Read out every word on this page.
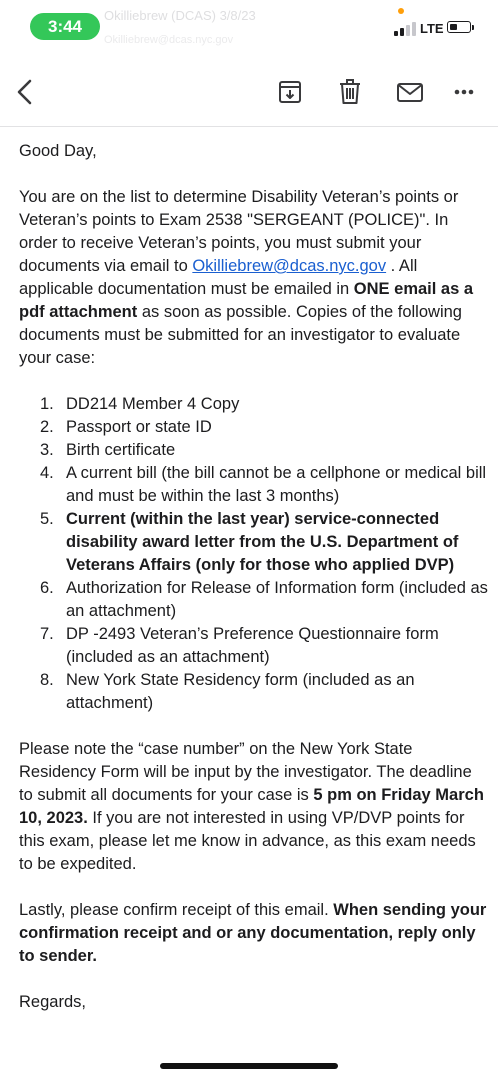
Okilliebrew (DCAS) 3/8/23
Okilliebrew@dcas.nyc.gov
3:44	LTE

Good Day,

You are on the list to determine Disability Veteran’s points or Veteran’s points to Exam 2538 "SERGEANT (POLICE)". In order to receive Veteran’s points, you must submit your documents via email to Okilliebrew@dcas.nyc.gov . All applicable documentation must be emailed in ONE email as a pdf attachment as soon as possible. Copies of the following documents must be submitted for an investigator to evaluate your case:

1. DD214 Member 4 Copy
2. Passport or state ID
3. Birth certificate
4. A current bill (the bill cannot be a cellphone or medical bill and must be within the last 3 months)
5. Current (within the last year) service-connected disability award letter from the U.S. Department of Veterans Affairs (only for those who applied DVP)
6. Authorization for Release of Information form (included as an attachment)
7. DP -2493 Veteran’s Preference Questionnaire form (included as an attachment)
8. New York State Residency form (included as an attachment)

Please note the “case number” on the New York State Residency Form will be input by the investigator. The deadline to submit all documents for your case is 5 pm on Friday March 10, 2023. If you are not interested in using VP/DVP points for this exam, please let me know in advance, as this exam needs to be expedited.

Lastly, please confirm receipt of this email. When sending your confirmation receipt and or any documentation, reply only to sender.

Regards,
